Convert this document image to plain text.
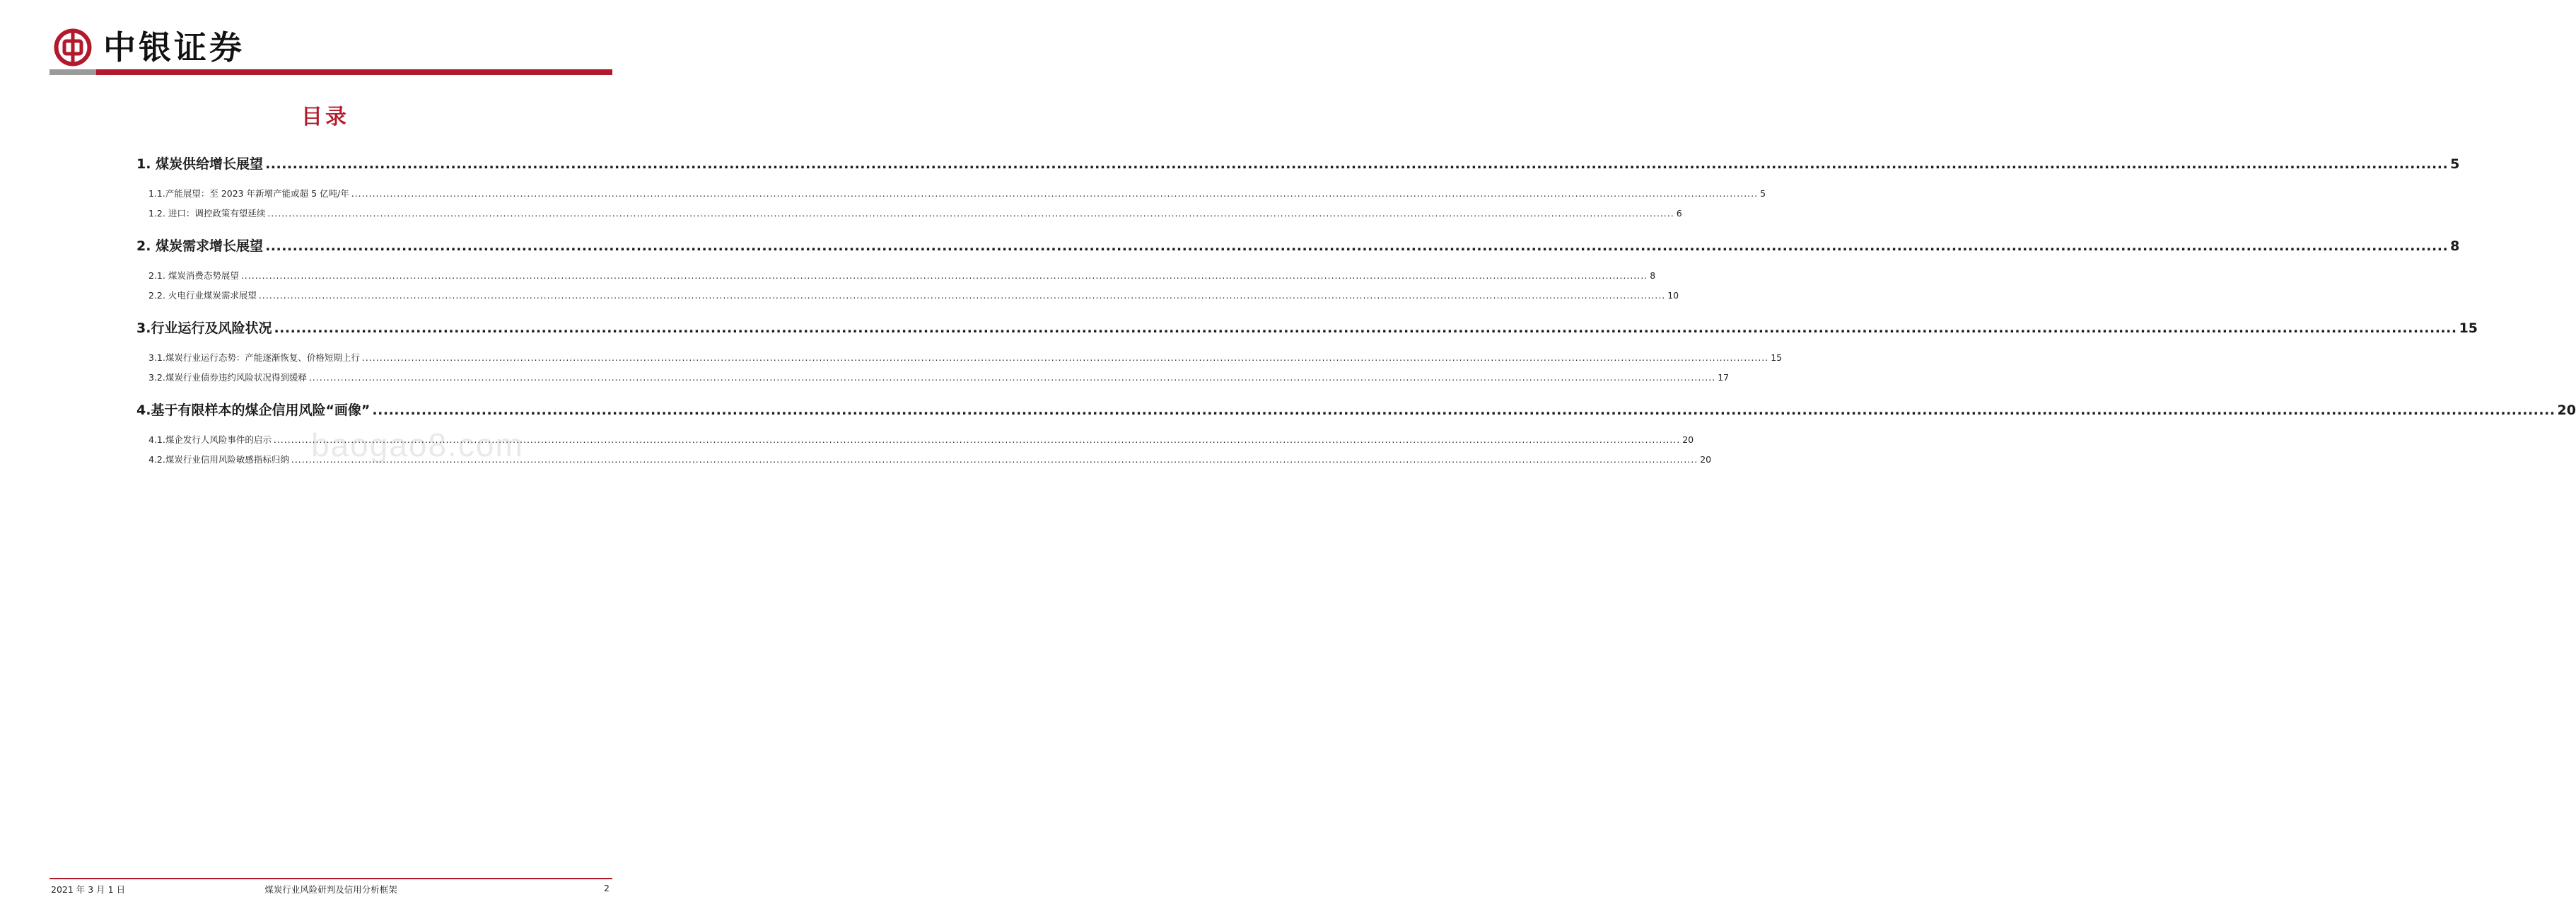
中银证券
目录
1. 煤炭供给增长展望 ................................................................................................................................................................................................................................................................................................................................................................................................................ 5
1.1.产能展望：至 2023 年新增产能或超 5 亿吨/年 ................................................................................................................................................................................................................................................................................................................................................................................................................ 5
1.2. 进口：调控政策有望延续 ................................................................................................................................................................................................................................................................................................................................................................................................................ 6
2. 煤炭需求增长展望 ................................................................................................................................................................................................................................................................................................................................................................................................................ 8
2.1. 煤炭消费态势展望 ................................................................................................................................................................................................................................................................................................................................................................................................................ 8
2.2. 火电行业煤炭需求展望 ................................................................................................................................................................................................................................................................................................................................................................................................................ 10
3.行业运行及风险状况 ................................................................................................................................................................................................................................................................................................................................................................................................................ 15
3.1.煤炭行业运行态势：产能逐渐恢复、价格短期上行 ................................................................................................................................................................................................................................................................................................................................................................................................................ 15
3.2.煤炭行业债券违约风险状况得到缓释 ................................................................................................................................................................................................................................................................................................................................................................................................................ 17
4.基于有限样本的煤企信用风险“画像” ................................................................................................................................................................................................................................................................................................................................................................................................................ 20
4.1.煤企发行人风险事件的启示 ................................................................................................................................................................................................................................................................................................................................................................................................................ 20
4.2.煤炭行业信用风险敏感指标归纳 ................................................................................................................................................................................................................................................................................................................................................................................................................ 20
baogao8.com
2021 年 3 月 1 日	煤炭行业风险研判及信用分析框架	2
